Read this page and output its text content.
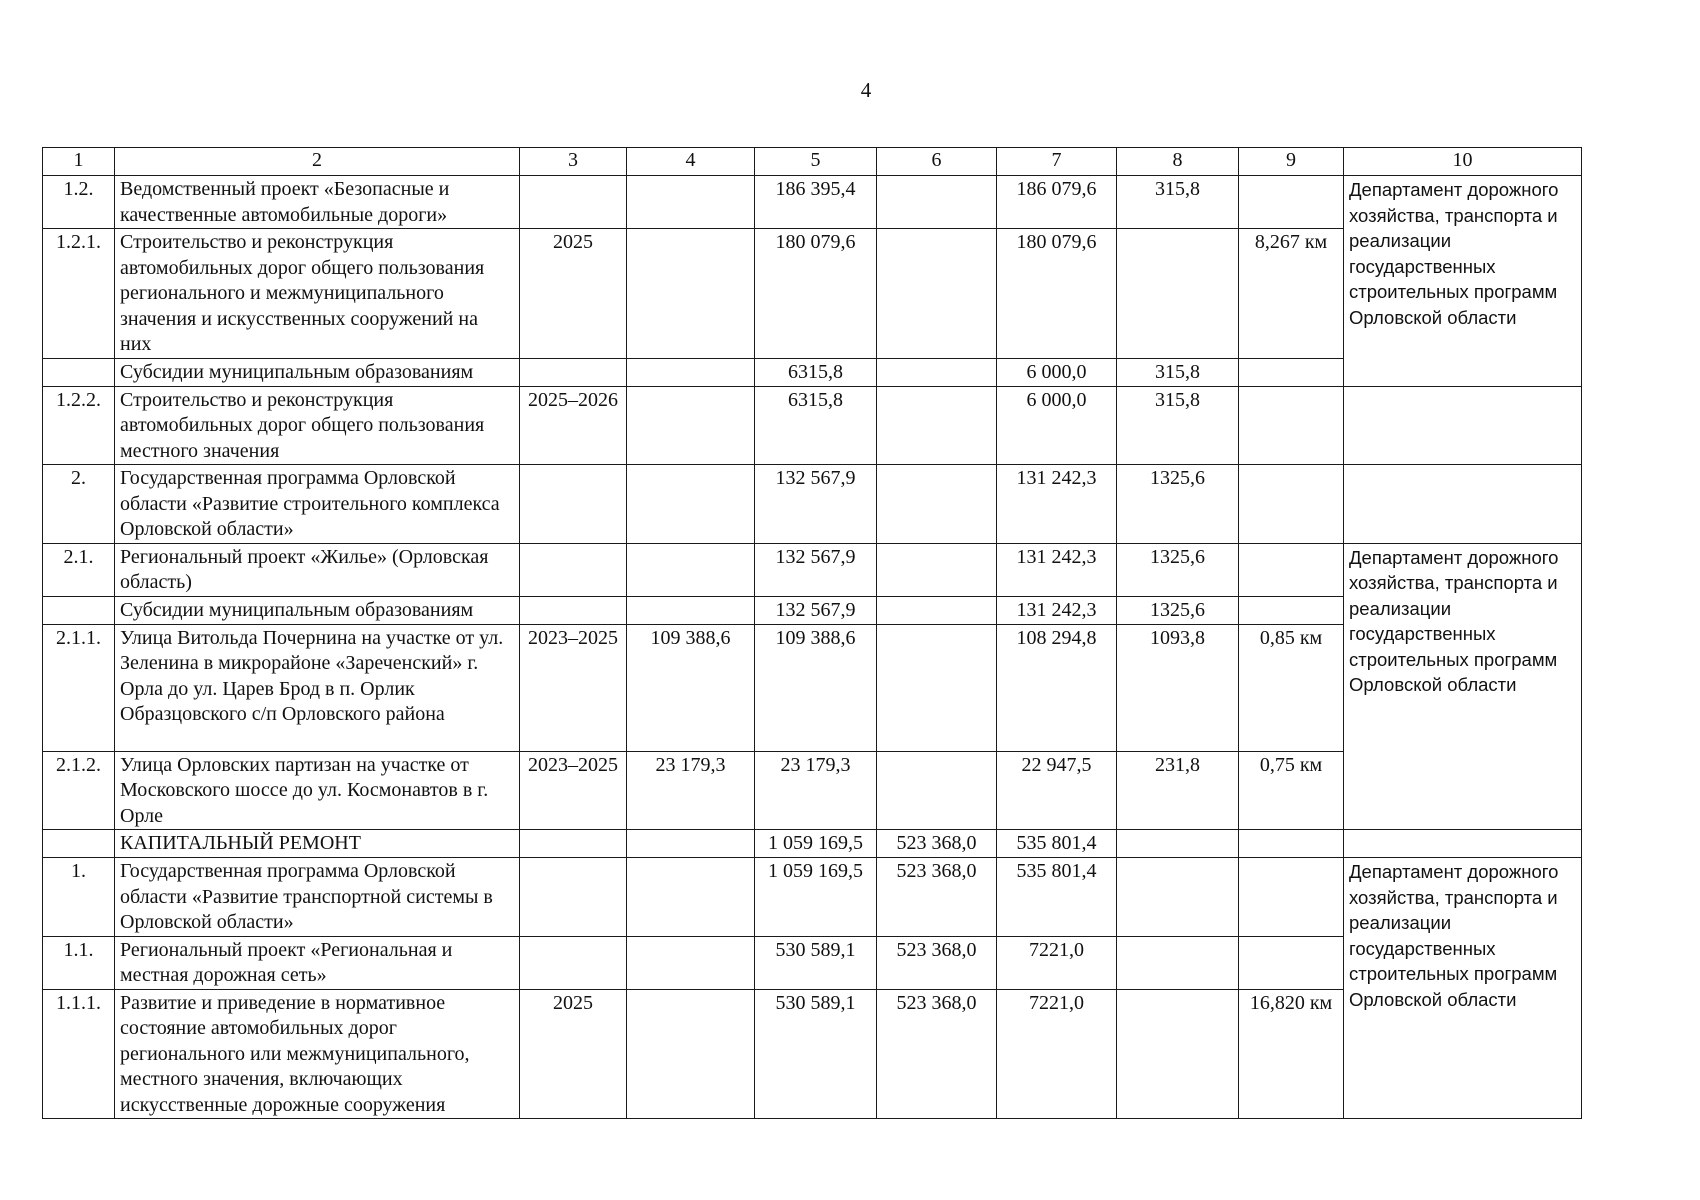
4
1	2	3	4	5	6	7	8	9	10
1.2.	Ведомственный проект «Безопасные и качественные автомобильные дороги»			186 395,4		186 079,6	315,8		Департамент дорожного хозяйства, транспорта и реализации государственных строительных программ Орловской области
1.2.1.	Строительство и реконструкция автомобильных дорог общего пользования регионального и межмуниципального значения и искусственных сооружений на них	2025		180 079,6		180 079,6		8,267 км	
	Субсидии муниципальным образованиям			6315,8		6 000,0	315,8		
1.2.2.	Строительство и реконструкция автомобильных дорог общего пользования местного значения	2025–2026		6315,8		6 000,0	315,8		
2.	Государственная программа Орловской области «Развитие строительного комплекса Орловской области»			132 567,9		131 242,3	1325,6		
2.1.	Региональный проект «Жилье» (Орловская область)			132 567,9		131 242,3	1325,6		Департамент дорожного хозяйства, транспорта и реализации государственных строительных программ Орловской области
	Субсидии муниципальным образованиям			132 567,9		131 242,3	1325,6		
2.1.1.	Улица Витольда Почернина на участке от ул. Зеленина в микрорайоне «Зареченский» г. Орла до ул. Царев Брод в п. Орлик Образцовского с/п Орловского района	2023–2025	109 388,6	109 388,6		108 294,8	1093,8	0,85 км	
2.1.2.	Улица Орловских партизан на участке от Московского шоссе до ул. Космонавтов в г. Орле	2023–2025	23 179,3	23 179,3		22 947,5	231,8	0,75 км	
	КАПИТАЛЬНЫЙ РЕМОНТ			1 059 169,5	523 368,0	535 801,4			
1.	Государственная программа Орловской области «Развитие транспортной системы в Орловской области»			1 059 169,5	523 368,0	535 801,4			Департамент дорожного хозяйства, транспорта и реализации государственных строительных программ Орловской области
1.1.	Региональный проект «Региональная и местная дорожная сеть»			530 589,1	523 368,0	7221,0			
1.1.1.	Развитие и приведение в нормативное состояние автомобильных дорог регионального или межмуниципального, местного значения, включающих искусственные дорожные сооружения	2025		530 589,1	523 368,0	7221,0		16,820 км	
